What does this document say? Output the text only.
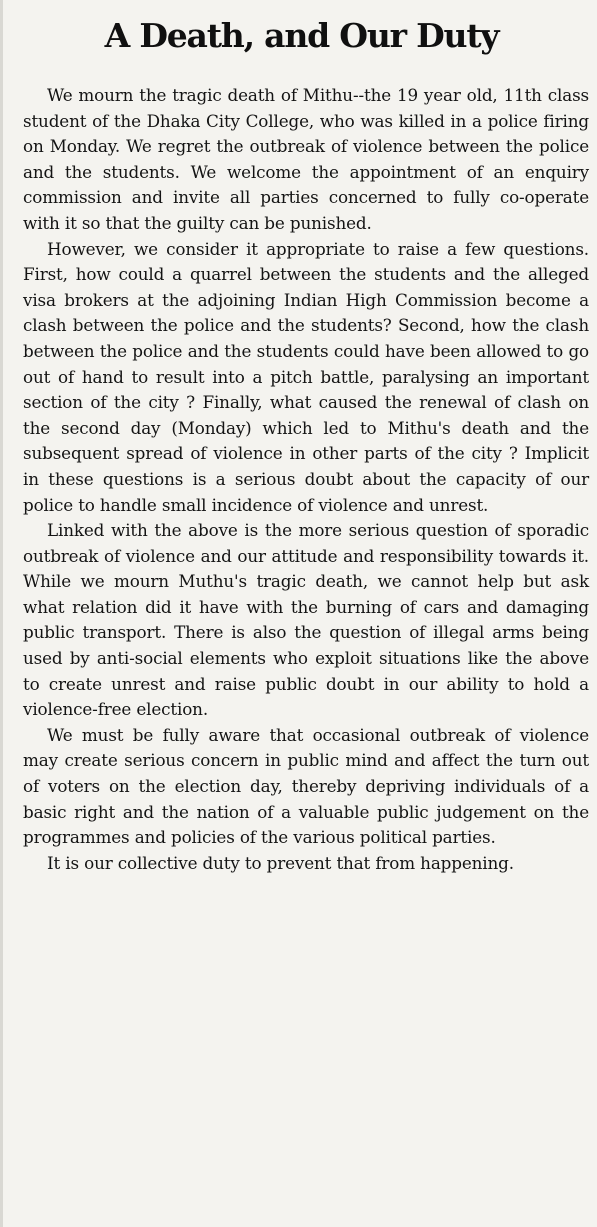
A Death, and Our Duty

We mourn the tragic death of Mithu--the 19 year old, 11th class student of the Dhaka City College, who was killed in a police firing on Monday. We regret the outbreak of violence between the police and the students. We welcome the appointment of an enquiry commission and invite all parties concerned to fully co-operate with it so that the guilty can be punished.

However, we consider it appropriate to raise a few questions. First, how could a quarrel between the students and the alleged visa brokers at the adjoining Indian High Commission become a clash between the police and the students? Second, how the clash between the police and the students could have been allowed to go out of hand to result into a pitch battle, paralysing an important section of the city ? Finally, what caused the renewal of clash on the second day (Monday) which led to Mithu's death and the subsequent spread of violence in other parts of the city ? Implicit in these questions is a serious doubt about the capacity of our police to handle small incidence of violence and unrest.

Linked with the above is the more serious question of sporadic outbreak of violence and our attitude and responsibility towards it. While we mourn Muthu's tragic death, we cannot help but ask what relation did it have with the burning of cars and damaging public transport. There is also the question of illegal arms being used by anti-social elements who exploit situations like the above to create unrest and raise public doubt in our ability to hold a violence-free election.

We must be fully aware that occasional outbreak of violence may create serious concern in public mind and affect the turn out of voters on the election day, thereby depriving individuals of a basic right and the nation of a valuable public judgement on the programmes and policies of the various political parties.

It is our collective duty to prevent that from happening.
